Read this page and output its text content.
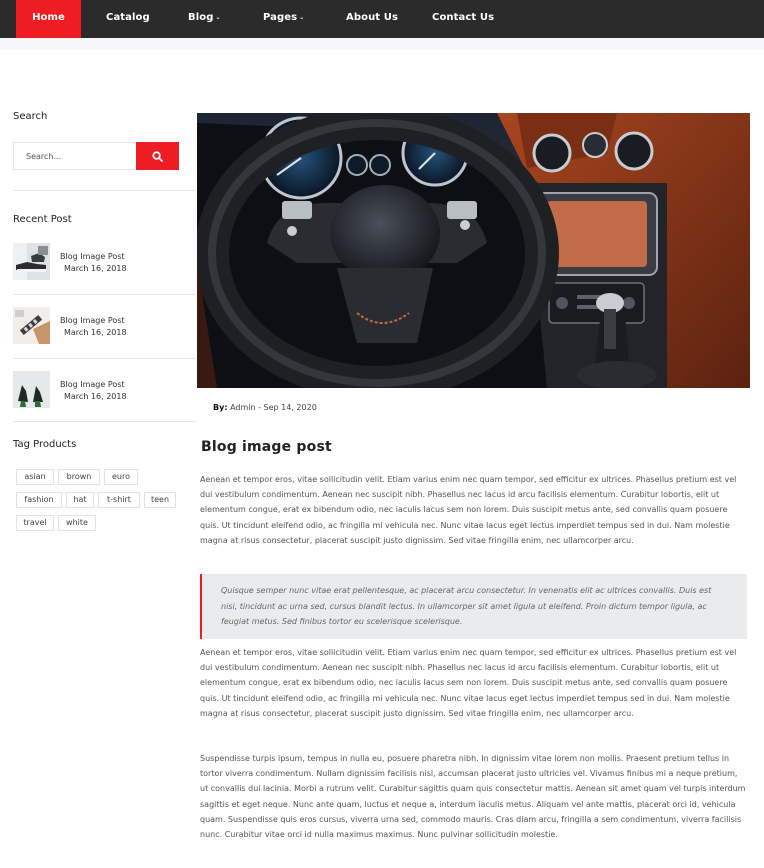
Home	Catalog	Blog ⌄	Pages ⌄	About Us	Contact Us
Search
Search...
Recent Post
Blog Image Post
March 16, 2018
Blog Image Post
March 16, 2018
Blog Image Post
March 16, 2018
Tag Products
asian	brown	euro
fashion	hat	t-shirt	teen
travel	white
By: Admin - Sep 14, 2020
Blog image post
Aenean et tempor eros, vitae sollicitudin velit. Etiam varius enim nec quam tempor, sed efficitur ex ultrices. Phasellus pretium est vel dui vestibulum condimentum. Aenean nec suscipit nibh. Phasellus nec lacus id arcu facilisis elementum. Curabitur lobortis, elit ut elementum congue, erat ex bibendum odio, nec iaculis lacus sem non lorem. Duis suscipit metus ante, sed convallis quam posuere quis. Ut tincidunt eleifend odio, ac fringilla mi vehicula nec. Nunc vitae lacus eget lectus imperdiet tempus sed in dui. Nam molestie magna at risus consectetur, placerat suscipit justo dignissim. Sed vitae fringilla enim, nec ullamcorper arcu.
Quisque semper nunc vitae erat pellentesque, ac placerat arcu consectetur. In venenatis elit ac ultrices convallis. Duis est nisi, tincidunt ac urna sed, cursus blandit lectus. In ullamcorper sit amet ligula ut eleifend. Proin dictum tempor ligula, ac feugiat metus. Sed finibus tortor eu scelerisque scelerisque.
Aenean et tempor eros, vitae sollicitudin velit. Etiam varius enim nec quam tempor, sed efficitur ex ultrices. Phasellus pretium est vel dui vestibulum condimentum. Aenean nec suscipit nibh. Phasellus nec lacus id arcu facilisis elementum. Curabitur lobortis, elit ut elementum congue, erat ex bibendum odio, nec iaculis lacus sem non lorem. Duis suscipit metus ante, sed convallis quam posuere quis. Ut tincidunt eleifend odio, ac fringilla mi vehicula nec. Nunc vitae lacus eget lectus imperdiet tempus sed in dui. Nam molestie magna at risus consectetur, placerat suscipit justo dignissim. Sed vitae fringilla enim, nec ullamcorper arcu.
Suspendisse turpis ipsum, tempus in nulla eu, posuere pharetra nibh. In dignissim vitae lorem non mollis. Praesent pretium tellus in tortor viverra condimentum. Nullam dignissim facilisis nisl, accumsan placerat justo ultricies vel. Vivamus finibus mi a neque pretium, ut convallis dui lacinia. Morbi a rutrum velit. Curabitur sagittis quam quis consectetur mattis. Aenean sit amet quam vel turpis interdum sagittis et eget neque. Nunc ante quam, luctus et neque a, interdum iaculis metus. Aliquam vel ante mattis, placerat orci id, vehicula quam. Suspendisse quis eros cursus, viverra urna sed, commodo mauris. Cras diam arcu, fringilla a sem condimentum, viverra facilisis nunc. Curabitur vitae orci id nulla maximus maximus. Nunc pulvinar sollicitudin molestie.
